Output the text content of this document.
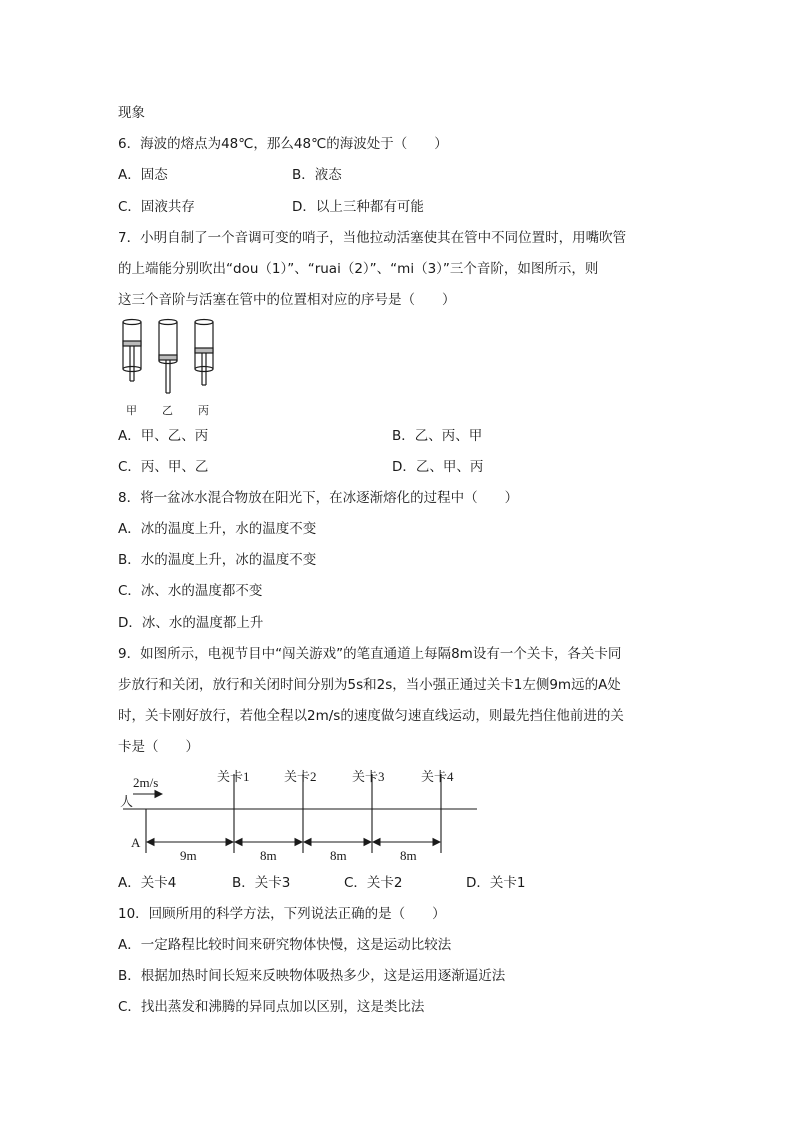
现象
6．海波的熔点为48℃，那么48℃的海波处于（　　）
A．固态	B．液态
C．固液共存	D．以上三种都有可能
7．小明自制了一个音调可变的哨子，当他拉动活塞使其在管中不同位置时，用嘴吹管
的上端能分别吹出“dou（1）”、“ruai（2）”、“mi（3）”三个音阶，如图所示，则
这三个音阶与活塞在管中的位置相对应的序号是（　　）
甲 乙 丙
A．甲、乙、丙	B．乙、丙、甲
C．丙、甲、乙	D．乙、甲、丙
8．将一盆冰水混合物放在阳光下，在冰逐渐熔化的过程中（　　）
A．冰的温度上升，水的温度不变
B．水的温度上升，冰的温度不变
C．冰、水的温度都不变
D．冰、水的温度都上升
9．如图所示，电视节目中“闯关游戏”的笔直通道上每隔8m设有一个关卡，各关卡同
步放行和关闭，放行和关闭时间分别为5s和2s，当小强正通过关卡1左侧9m远的A处
时，关卡刚好放行，若他全程以2m/s的速度做匀速直线运动，则最先挡住他前进的关
卡是（　　）
2m/s
人
A
关卡1	关卡2	关卡3	关卡4
9m	8m	8m	8m
A．关卡4	B．关卡3	C．关卡2	D．关卡1
10．回顾所用的科学方法，下列说法正确的是（　　）
A．一定路程比较时间来研究物体快慢，这是运动比较法
B．根据加热时间长短来反映物体吸热多少，这是运用逐渐逼近法
C．找出蒸发和沸腾的异同点加以区别，这是类比法
